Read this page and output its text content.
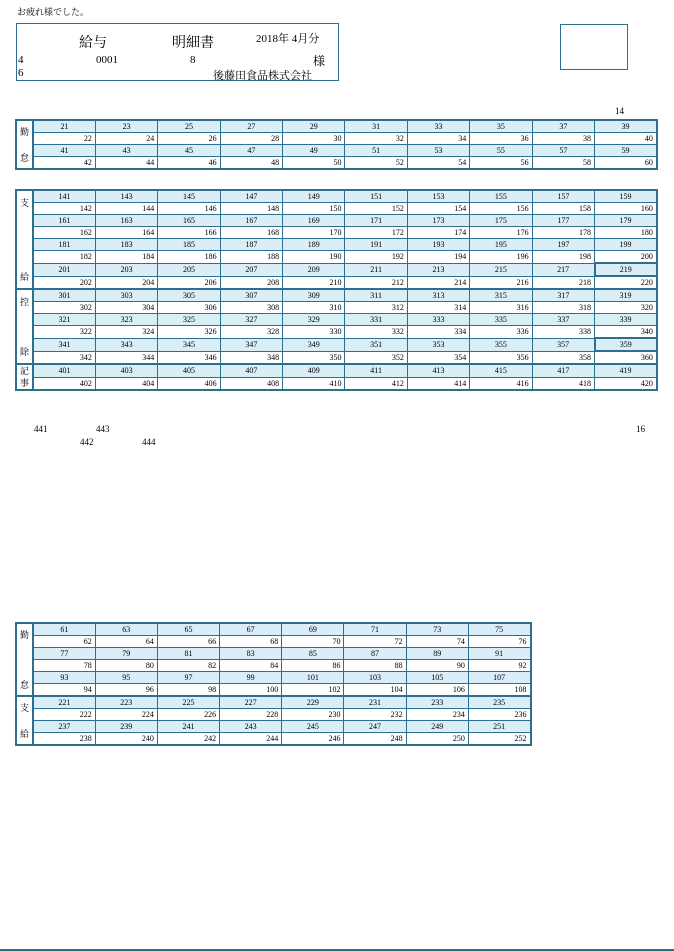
お疲れ様でした。
給与	明細書	2018年 4月分
4	0001	8	様
6	後藤田食品株式会社
14
勤
怠	21	23	25	27	29	31	33	35	37	39
	22	24	26	28	30	32	34	36	38	40
	41	43	45	47	49	51	53	55	57	59
	42	44	46	48	50	52	54	56	58	60
支
給	141	143	145	147	149	151	153	155	157	159
	142	144	146	148	150	152	154	156	158	160
	161	163	165	167	169	171	173	175	177	179
	162	164	166	168	170	172	174	176	178	180
	181	183	185	187	189	191	193	195	197	199
	182	184	186	188	190	192	194	196	198	200
	201	203	205	207	209	211	213	215	217	219
	202	204	206	208	210	212	214	216	218	220

控
除	301	303	305	307	309	311	313	315	317	319
	302	304	306	308	310	312	314	316	318	320
	321	323	325	327	329	331	333	335	337	339
	322	324	326	328	330	332	334	336	338	340
	341	343	345	347	349	351	353	355	357	359
	342	344	346	348	350	352	354	356	358	360

記
事	401	403	405	407	409	411	413	415	417	419
	402	404	406	408	410	412	414	416	418	420
441	443	16
442	444
勤
怠	61	63	65	67	69	71	73	75
	62	64	66	68	70	72	74	76
	77	79	81	83	85	87	89	91
	78	80	82	84	86	88	90	92
	93	95	97	99	101	103	105	107
	94	96	98	100	102	104	106	108

支
給	221	223	225	227	229	231	233	235
	222	224	226	228	230	232	234	236
	237	239	241	243	245	247	249	251
	238	240	242	244	246	248	250	252
